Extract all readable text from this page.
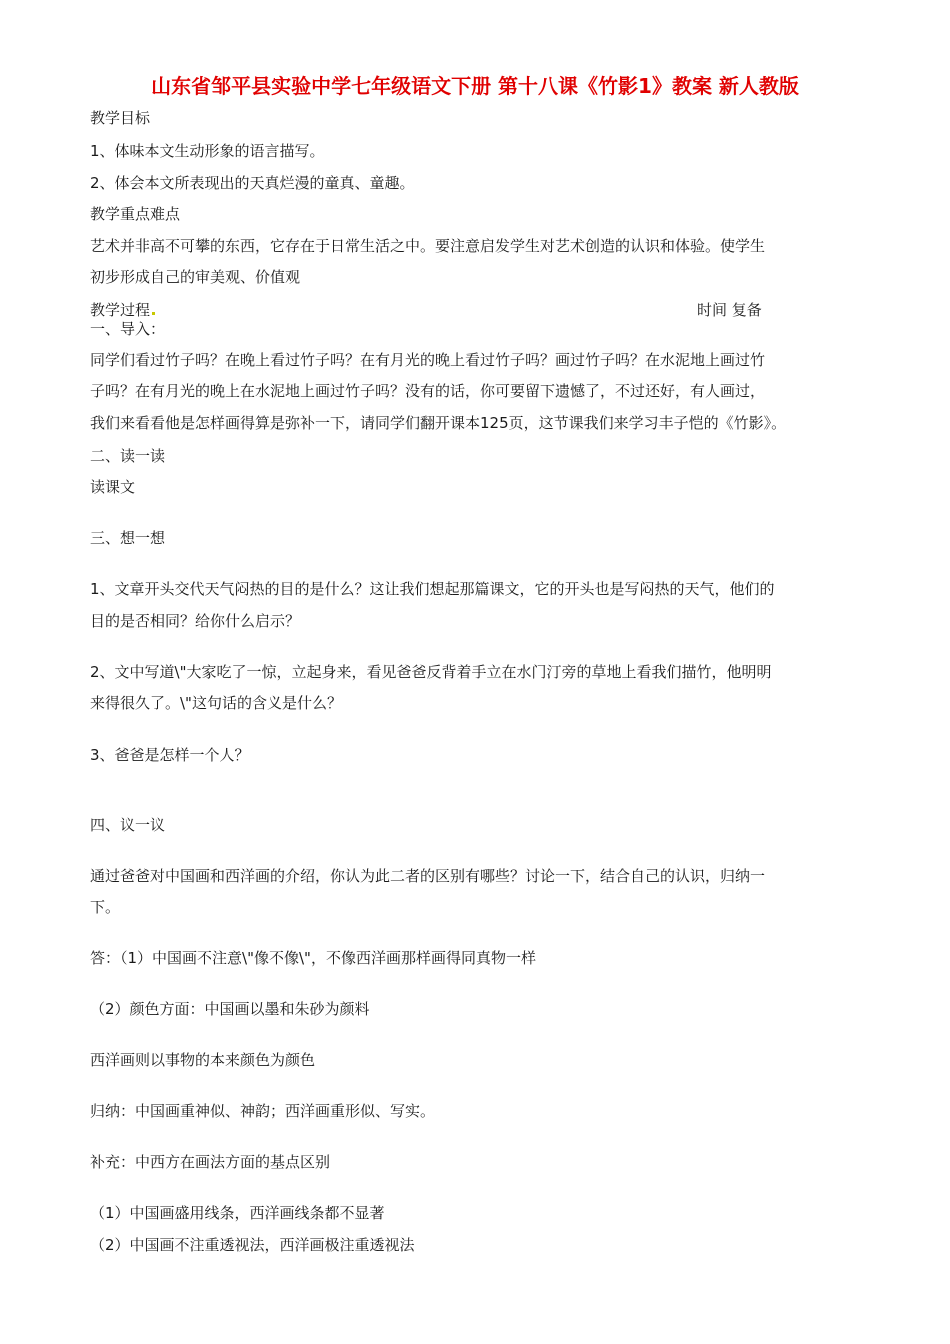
山东省邹平县实验中学七年级语文下册 第十八课《竹影1》教案 新人教版
教学目标
1、体味本文生动形象的语言描写。
2、体会本文所表现出的天真烂漫的童真、童趣。
教学重点难点
艺术并非高不可攀的东西，它存在于日常生活之中。要注意启发学生对艺术创造的认识和体验。使学生
初步形成自己的审美观、价值观
教学过程	时间 复备
一、导入：
同学们看过竹子吗？在晚上看过竹子吗？在有月光的晚上看过竹子吗？画过竹子吗？在水泥地上画过竹
子吗？在有月光的晚上在水泥地上画过竹子吗？没有的话，你可要留下遗憾了，不过还好，有人画过，
我们来看看他是怎样画得算是弥补一下，请同学们翻开课本125页，这节课我们来学习丰子恺的《竹影》。
二、读一读
读课文
三、想一想
1、文章开头交代天气闷热的目的是什么？这让我们想起那篇课文，它的开头也是写闷热的天气，他们的
目的是否相同？给你什么启示？
2、文中写道\"大家吃了一惊，立起身来，看见爸爸反背着手立在水门汀旁的草地上看我们描竹，他明明
来得很久了。\"这句话的含义是什么？
3、爸爸是怎样一个人？
四、议一议
通过爸爸对中国画和西洋画的介绍，你认为此二者的区别有哪些？讨论一下，结合自己的认识，归纳一
下。
答：（1）中国画不注意\"像不像\"，不像西洋画那样画得同真物一样
（2）颜色方面：中国画以墨和朱砂为颜料
西洋画则以事物的本来颜色为颜色
归纳：中国画重神似、神韵；西洋画重形似、写实。
补充：中西方在画法方面的基点区别
（1）中国画盛用线条，西洋画线条都不显著
（2）中国画不注重透视法，西洋画极注重透视法
